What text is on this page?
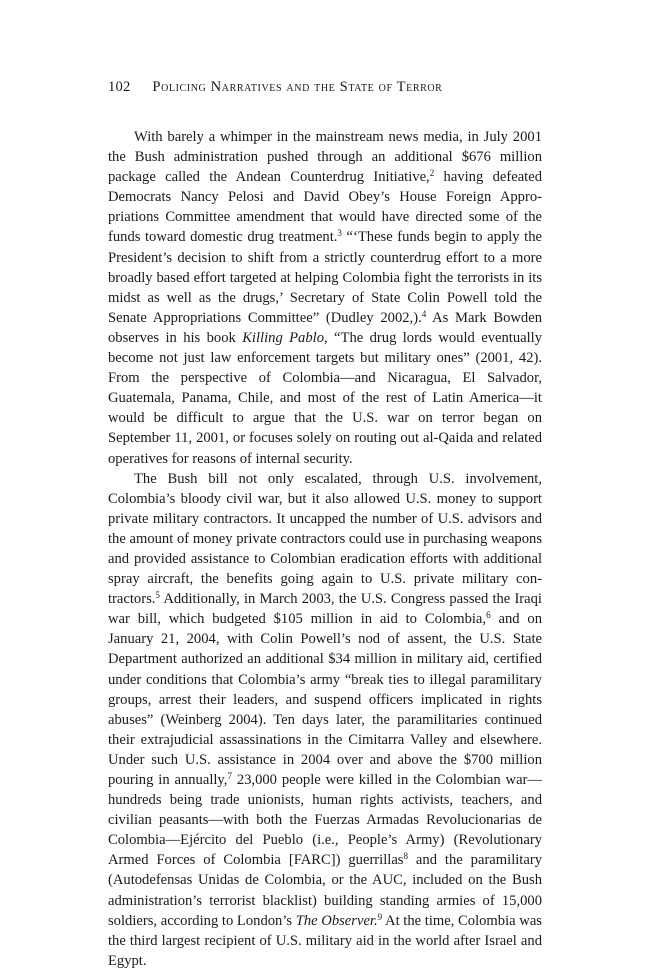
102 Policing Narratives and the State of Terror

With barely a whimper in the mainstream news media, in July 2001 the Bush administration pushed through an additional $676 million package called the Andean Counterdrug Initiative,$^2$ having defeated Democrats Nancy Pelosi and David Obey’s House Foreign Appropriations Committee amendment that would have directed some of the funds toward domestic drug treatment.$^3$ “‘These funds begin to apply the President’s decision to shift from a strictly counterdrug effort to a more broadly based effort targeted at helping Colombia fight the terrorists in its midst as well as the drugs,’ Secretary of State Colin Powell told the Senate Appropriations Committee” (Dudley 2002,).$^4$ As Mark Bowden observes in his book Killing Pablo, “The drug lords would eventually become not just law enforcement targets but military ones” (2001, 42). From the perspective of Colombia—and Nicaragua, El Salvador, Guatemala, Panama, Chile, and most of the rest of Latin America—it would be difficult to argue that the U.S. war on terror began on September 11, 2001, or focuses solely on routing out al-Qaida and related operatives for reasons of internal security.

The Bush bill not only escalated, through U.S. involvement, Colombia’s bloody civil war, but it also allowed U.S. money to support private military contractors. It uncapped the number of U.S. advisors and the amount of money private contractors could use in purchasing weapons and provided assistance to Colombian eradication efforts with additional spray aircraft, the benefits going again to U.S. private military contractors.$^5$ Additionally, in March 2003, the U.S. Congress passed the Iraqi war bill, which budgeted $105 million in aid to Colombia,$^6$ and on January 21, 2004, with Colin Powell’s nod of assent, the U.S. State Department authorized an additional $34 million in military aid, certified under conditions that Colombia’s army “break ties to illegal paramilitary groups, arrest their leaders, and suspend officers implicated in rights abuses” (Weinberg 2004). Ten days later, the paramilitaries continued their extrajudicial assassinations in the Cimitarra Valley and elsewhere. Under such U.S. assistance in 2004 over and above the $700 million pouring in annually,$^7$ 23,000 people were killed in the Colombian war—hundreds being trade unionists, human rights activists, teachers, and civilian peasants—with both the Fuerzas Armadas Revolucionarias de Colombia—Ejército del Pueblo (i.e., People’s Army) (Revolutionary Armed Forces of Colombia [FARC]) guerrillas$^8$ and the paramilitary (Autodefensas Unidas de Colombia, or the AUC, included on the Bush administration’s terrorist blacklist) building standing armies of 15,000 soldiers, according to London’s The Observer.$^9$ At the time, Colombia was the third largest recipient of U.S. military aid in the world after Israel and Egypt.
